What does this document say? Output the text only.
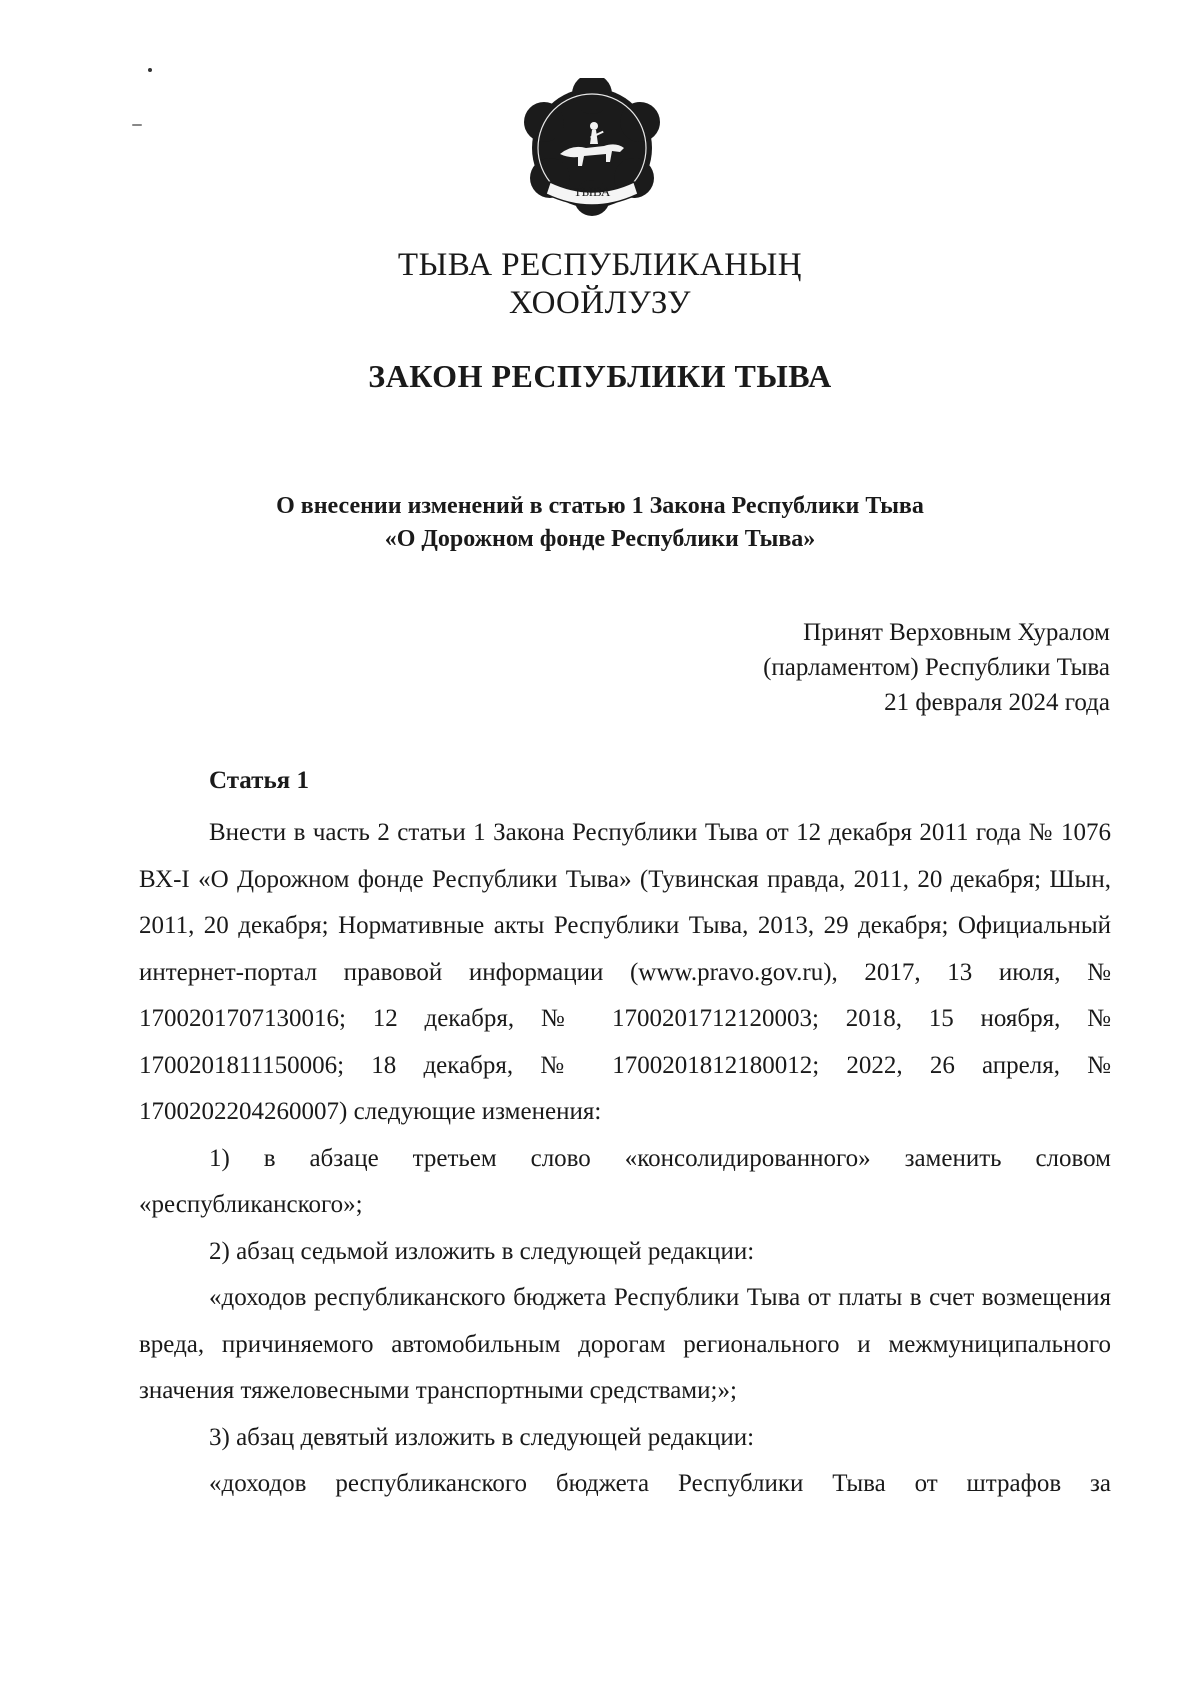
ТЫВА
ТЫВА РЕСПУБЛИКАНЫҢ
ХООЙЛУЗУ
ЗАКОН РЕСПУБЛИКИ ТЫВА
О внесении изменений в статью 1 Закона Республики Тыва
«О Дорожном фонде Республики Тыва»
Принят Верховным Хуралом
(парламентом) Республики Тыва
21 февраля 2024 года
Статья 1

Внести в часть 2 статьи 1 Закона Республики Тыва от 12 декабря 2011 года № 1076 ВХ-I «О Дорожном фонде Республики Тыва» (Тувинская правда, 2011, 20 декабря; Шын, 2011, 20 декабря; Нормативные акты Республики Тыва, 2013, 29 декабря; Официальный интернет-портал правовой информации (www.pravo.gov.ru), 2017, 13 июля, № 1700201707130016; 12 декабря, № 1700201712120003; 2018, 15 ноября, № 1700201811150006; 18 декабря, № 1700201812180012; 2022, 26 апреля, № 1700202204260007) следующие изменения:

1) в абзаце третьем слово «консолидированного» заменить словом «республиканского»;

2) абзац седьмой изложить в следующей редакции:

«доходов республиканского бюджета Республики Тыва от платы в счет возмещения вреда, причиняемого автомобильным дорогам регионального и межмуниципального значения тяжеловесными транспортными средствами;»;

3) абзац девятый изложить в следующей редакции:

«доходов республиканского бюджета Республики Тыва от штрафов за
